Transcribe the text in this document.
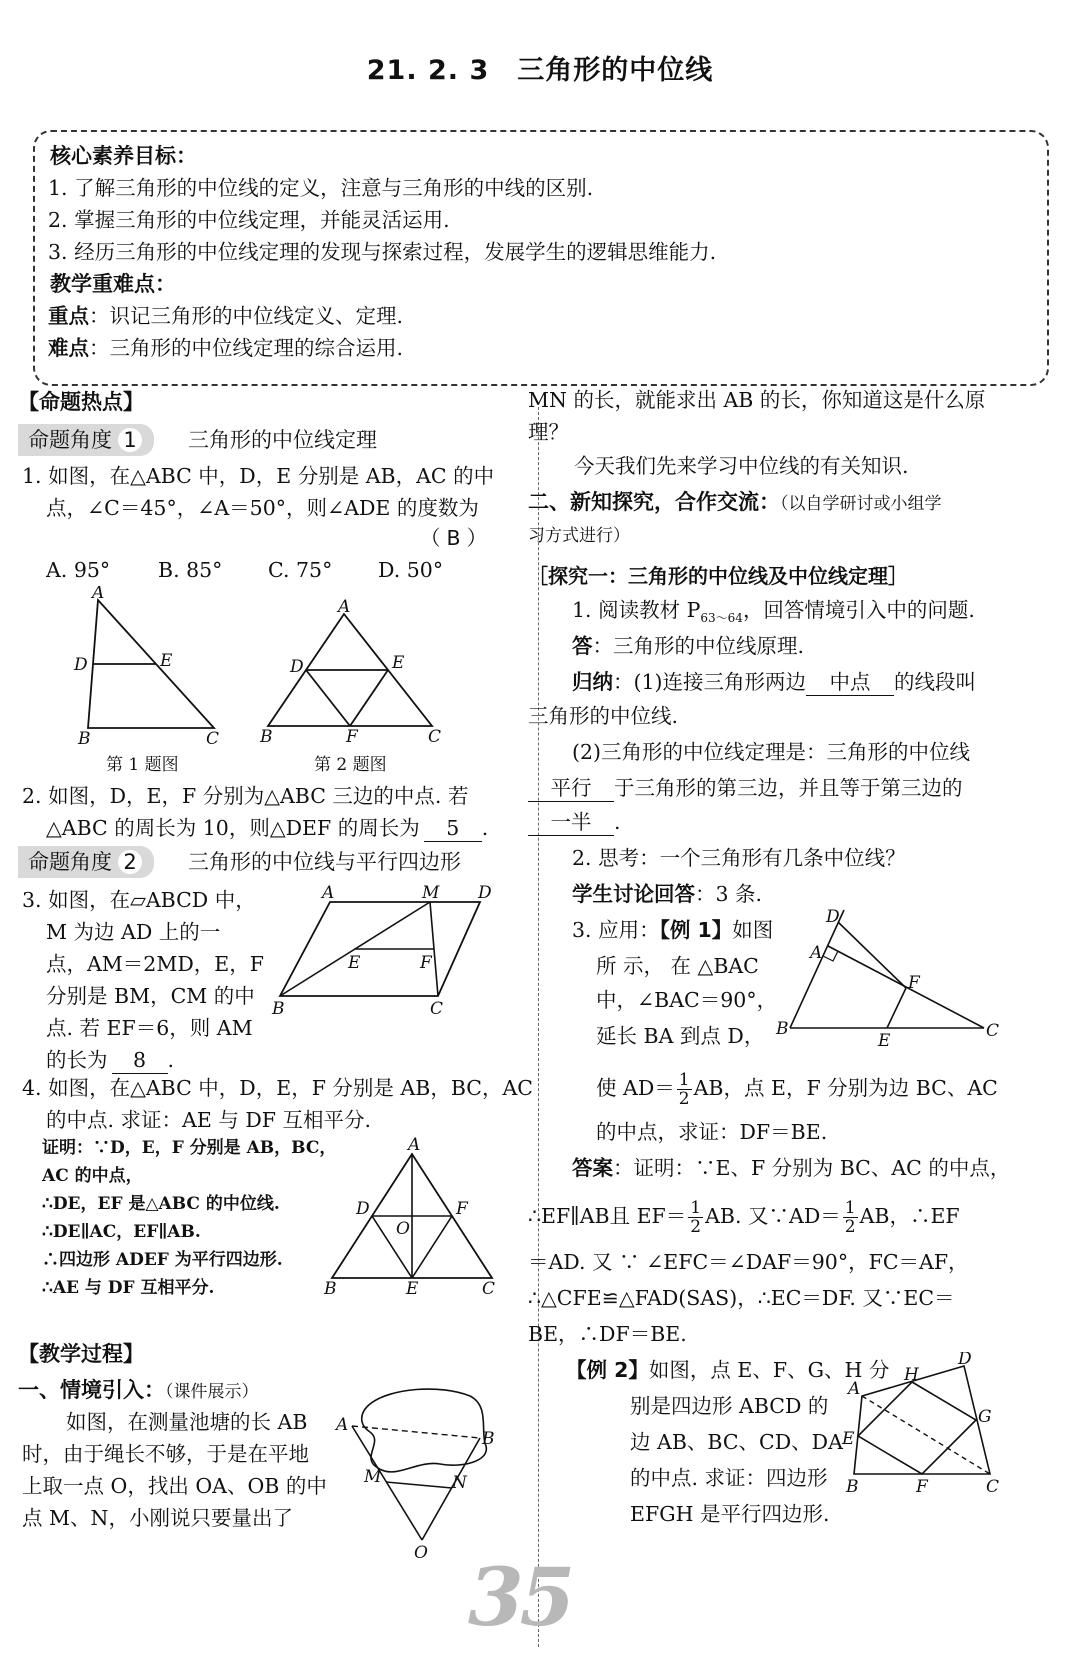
21. 2. 3　三角形的中位线
核心素养目标：
1. 了解三角形的中位线的定义，注意与三角形的中线的区别.
2. 掌握三角形的中位线定理，并能灵活运用.
3. 经历三角形的中位线定理的发现与探索过程，发展学生的逻辑思维能力.
教学重难点：
重点：识记三角形的中位线定义、定理.
难点：三角形的中位线定理的综合运用.
【命题热点】
命题角度 1	三角形的中位线定理
1. 如图，在△ABC 中，D，E 分别是 AB，AC 的中
点，∠C＝45°，∠A＝50°，则∠ADE 的度数为
（ B ）
A. 95° B. 85° C. 75° D. 50°
A
D	E
B	C
第 1 题图
A
D	E
B	F	C
第 2 题图
2. 如图，D，E，F 分别为△ABC 三边的中点. 若
△ABC 的周长为 10，则△DEF 的周长为 5 .
命题角度 2	三角形的中位线与平行四边形
3. 如图，在▱ABCD 中，
M 为边 AD 上的一
点，AM＝2MD，E，F
分别是 BM，CM 的中
点. 若 EF＝6，则 AM
的长为 8 .
A	M D
E	F
B	C
4. 如图，在△ABC 中，D，E，F 分别是 AB，BC，AC
的中点. 求证：AE 与 DF 互相平分.
证明：∵D，E，F 分别是 AB，BC，
AC 的中点，
∴DE，EF 是△ABC 的中位线.
∴DE∥AC，EF∥AB.
∴四边形 ADEF 为平行四边形.
∴AE 与 DF 互相平分.
A
D
O
F
B	E	C
【教学过程】
一、情境引入：（课件展示）
如图，在测量池塘的长 AB
时，由于绳长不够，于是在平地
上取一点 O，找出 OA、OB 的中
点 M、N，小刚说只要量出了
A
B
M	N
O 35
MN 的长，就能求出 AB 的长，你知道这是什么原
理？
今天我们先来学习中位线的有关知识.
二、新知探究，合作交流：（以自学研讨或小组学
习方式进行）
［探究一：三角形的中位线及中位线定理］
1. 阅读教材 $P_{63\sim 64}$，回答情境引入中的问题.
答：三角形的中位线原理.
归纳：(1)连接三角形两边 中点 的线段叫
三角形的中位线.
(2)三角形的中位线定理是：三角形的中位线
平行 于三角形的第三边，并且等于第三边的
一半 .
2. 思考：一个三角形有几条中位线？
学生讨论回答：3 条.
3. 应用：【例 1】如图
所 示， 在 △BAC
中，∠BAC＝90°，
延长 BA 到点 D，
D
A
F
B
E	C
使 $AD= \frac{1}{2}$ AB，点 E，F 分别为边 BC、AC
的中点，求证：DF＝BE.
答案：证明：∵E、F 分别为 BC、AC 的中点，
∴EF∥AB且 $EF= \frac{1}{2}$ AB. 又∵AD＝ $\frac{1}{2}$ AB，∴EF
＝AD. 又 ∵ ∠EFC＝∠DAF＝90°，FC＝AF，
∴△CFE≌△FAD(SAS)，∴EC＝DF. 又∵EC＝
BE，∴DF＝BE.
【例 2】如图，点 E、F、G、H 分
别是四边形 ABCD 的
边 AB、BC、CD、DA
的中点. 求证：四边形
EFGH 是平行四边形.
A
H
D
G
E
B	F	C
